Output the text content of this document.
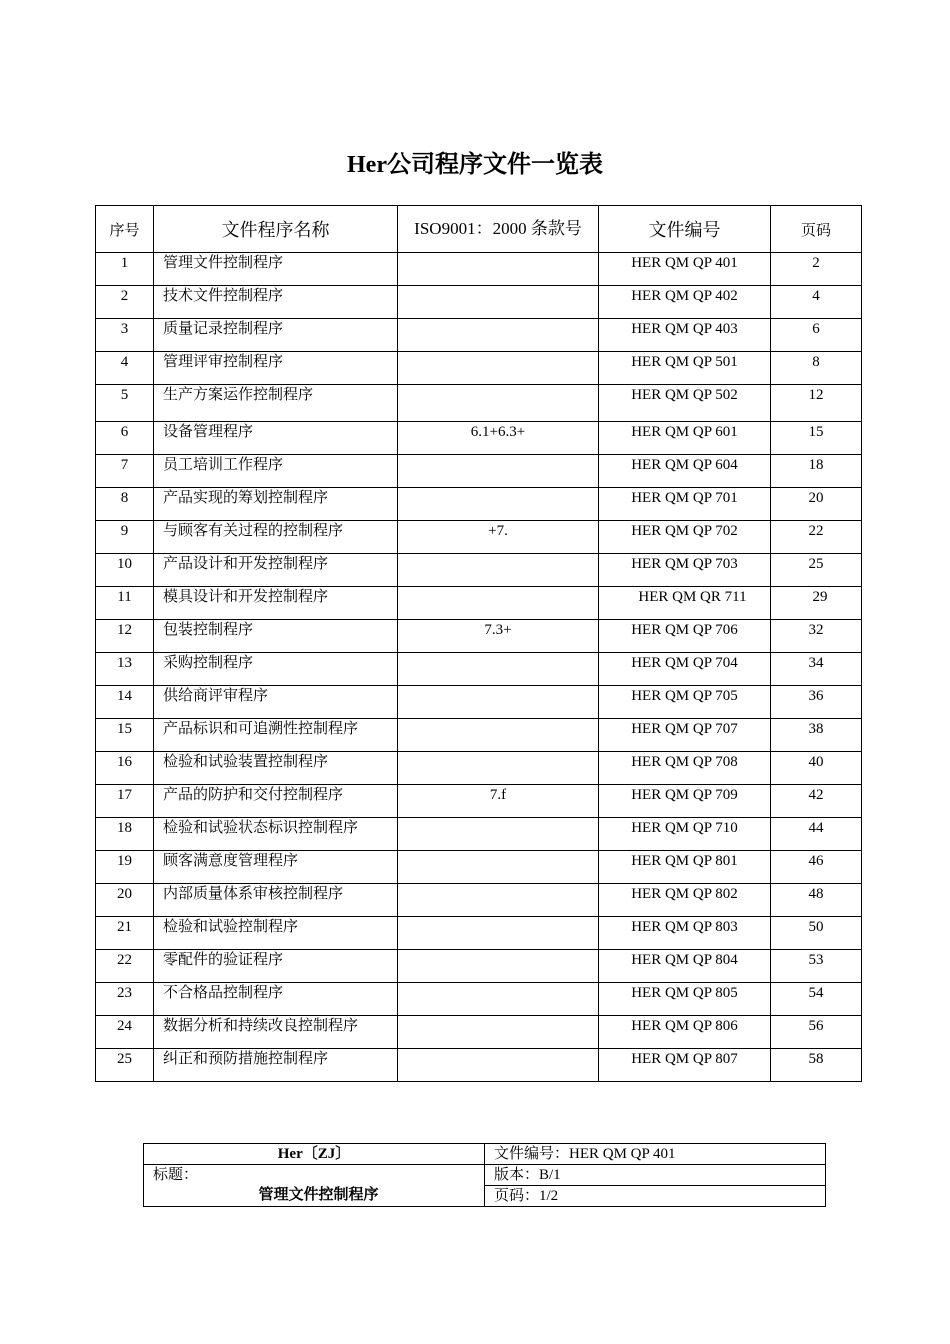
Her公司程序文件一览表
序号	文件程序名称	ISO9001：2000 条款号	文件编号	页码
1	管理文件控制程序		HER QM QP 401	2
2	技术文件控制程序		HER QM QP 402	4
3	质量记录控制程序		HER QM QP 403	6
4	管理评审控制程序		HER QM QP 501	8
5	生产方案运作控制程序		HER QM QP 502	12
6	设备管理程序	6.1+6.3+	HER QM QP 601	15
7	员工培训工作程序		HER QM QP 604	18
8	产品实现的筹划控制程序		HER QM QP 701	20
9	与顾客有关过程的控制程序	+7.	HER QM QP 702	22
10	产品设计和开发控制程序		HER QM QP 703	25
11	模具设计和开发控制程序		HER QM QR 711	29
12	包装控制程序	7.3+	HER QM QP 706	32
13	采购控制程序		HER QM QP 704	34
14	供给商评审程序		HER QM QP 705	36
15	产品标识和可追溯性控制程序		HER QM QP 707	38
16	检验和试验装置控制程序		HER QM QP 708	40
17	产品的防护和交付控制程序	7.f	HER QM QP 709	42
18	检验和试验状态标识控制程序		HER QM QP 710	44
19	顾客满意度管理程序		HER QM QP 801	46
20	内部质量体系审核控制程序		HER QM QP 802	48
21	检验和试验控制程序		HER QM QP 803	50
22	零配件的验证程序		HER QM QP 804	53
23	不合格品控制程序		HER QM QP 805	54
24	数据分析和持续改良控制程序		HER QM QP 806	56
25	纠正和预防措施控制程序		HER QM QP 807	58
Her〔ZJ〕	文件编号：HER QM QP 401
标题：
管理文件控制程序	版本：B/1
	页码：1/2
